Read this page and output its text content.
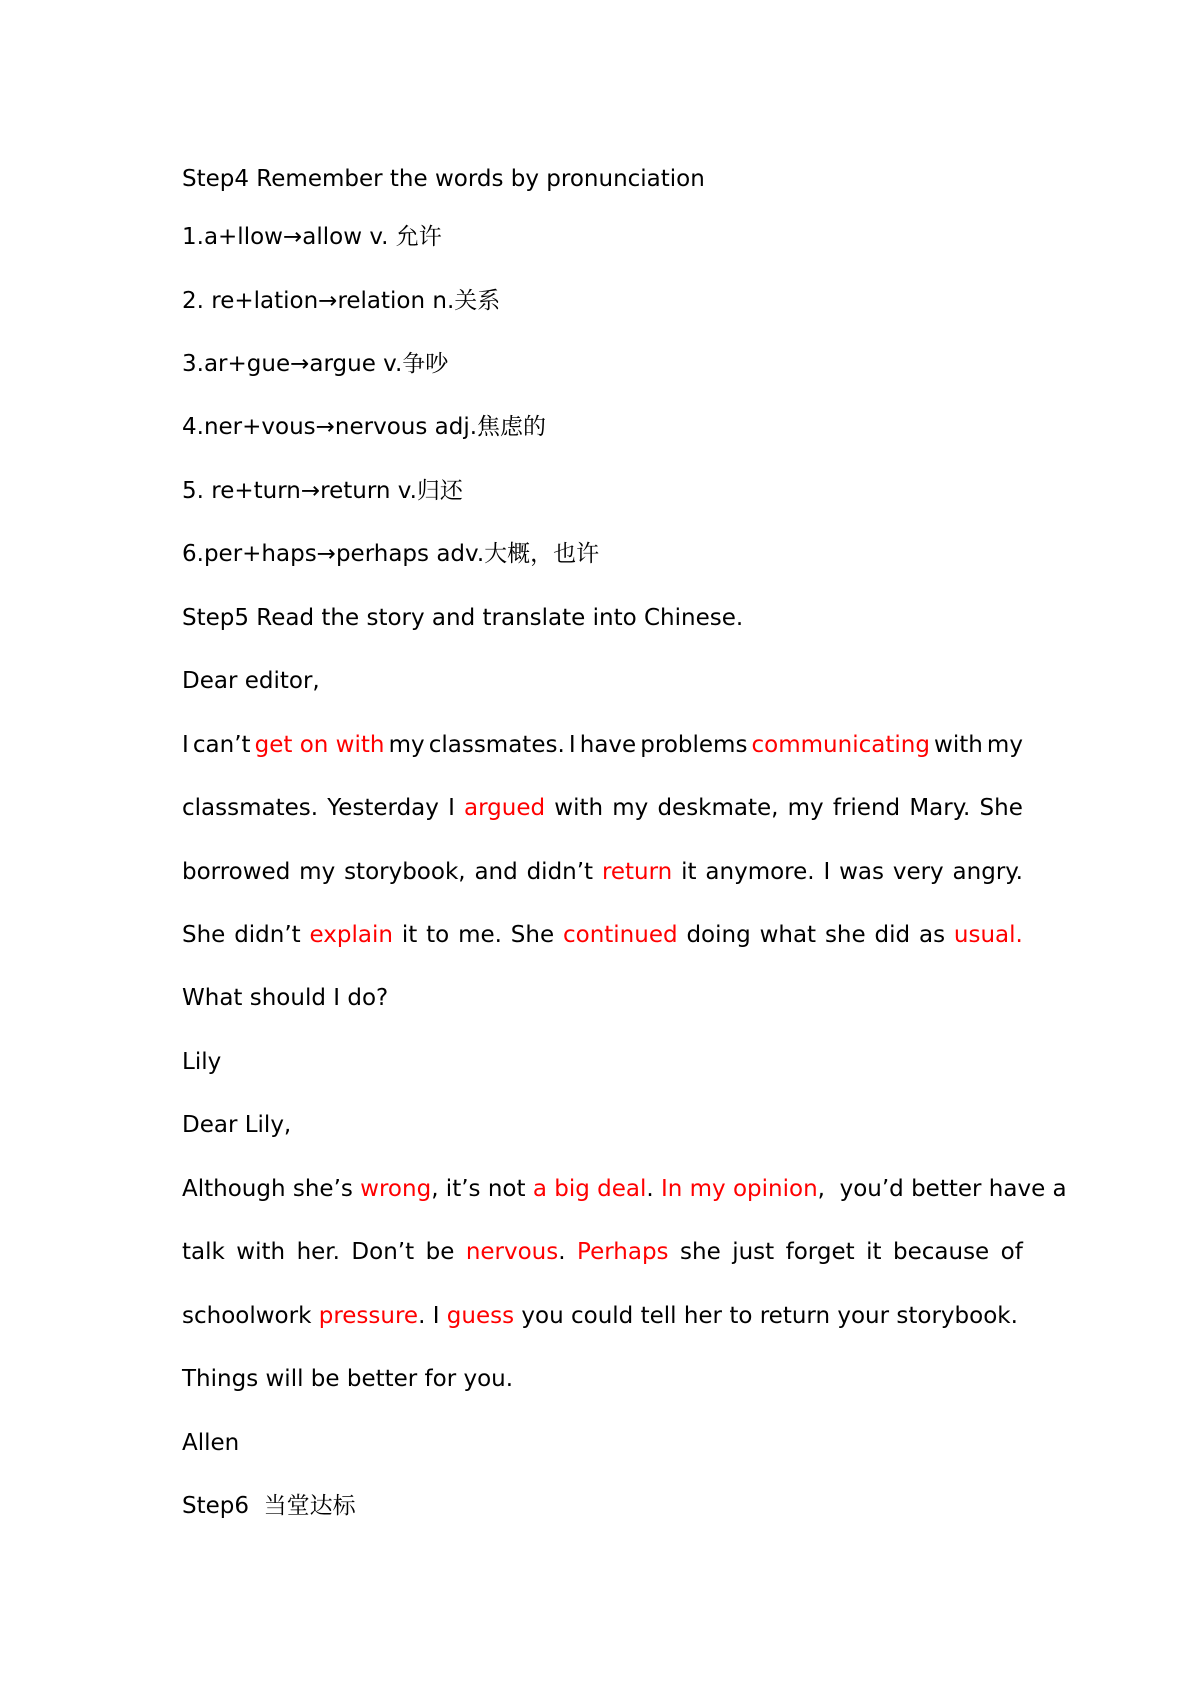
Step4 Remember the words by pronunciation
1.a+llow→allow v. 允许
2. re+lation→relation n.关系
3.ar+gue→argue v.争吵
4.ner+vous→nervous adj.焦虑的
5. re+turn→return v.归还
6.per+haps→perhaps adv.大概，也许
Step5 Read the story and translate into Chinese.
Dear editor,
I can’t get on with my classmates. I have problems communicating with my
classmates. Yesterday I argued with my deskmate, my friend Mary. She
borrowed my storybook, and didn’t return it anymore. I was very angry.
She didn’t explain it to me. She continued doing what she did as usual.
What should I do?
Lily
Dear Lily,
Although she’s wrong , it’s not a big deal . In my opinion ,  you’d better have a
talk with her. Don’t be nervous. Perhaps she just forget it because of
schoolwork
pressure . I guess you could tell her to return your storybook.
Things will be better for you.
Allen
Step6  当堂达标
